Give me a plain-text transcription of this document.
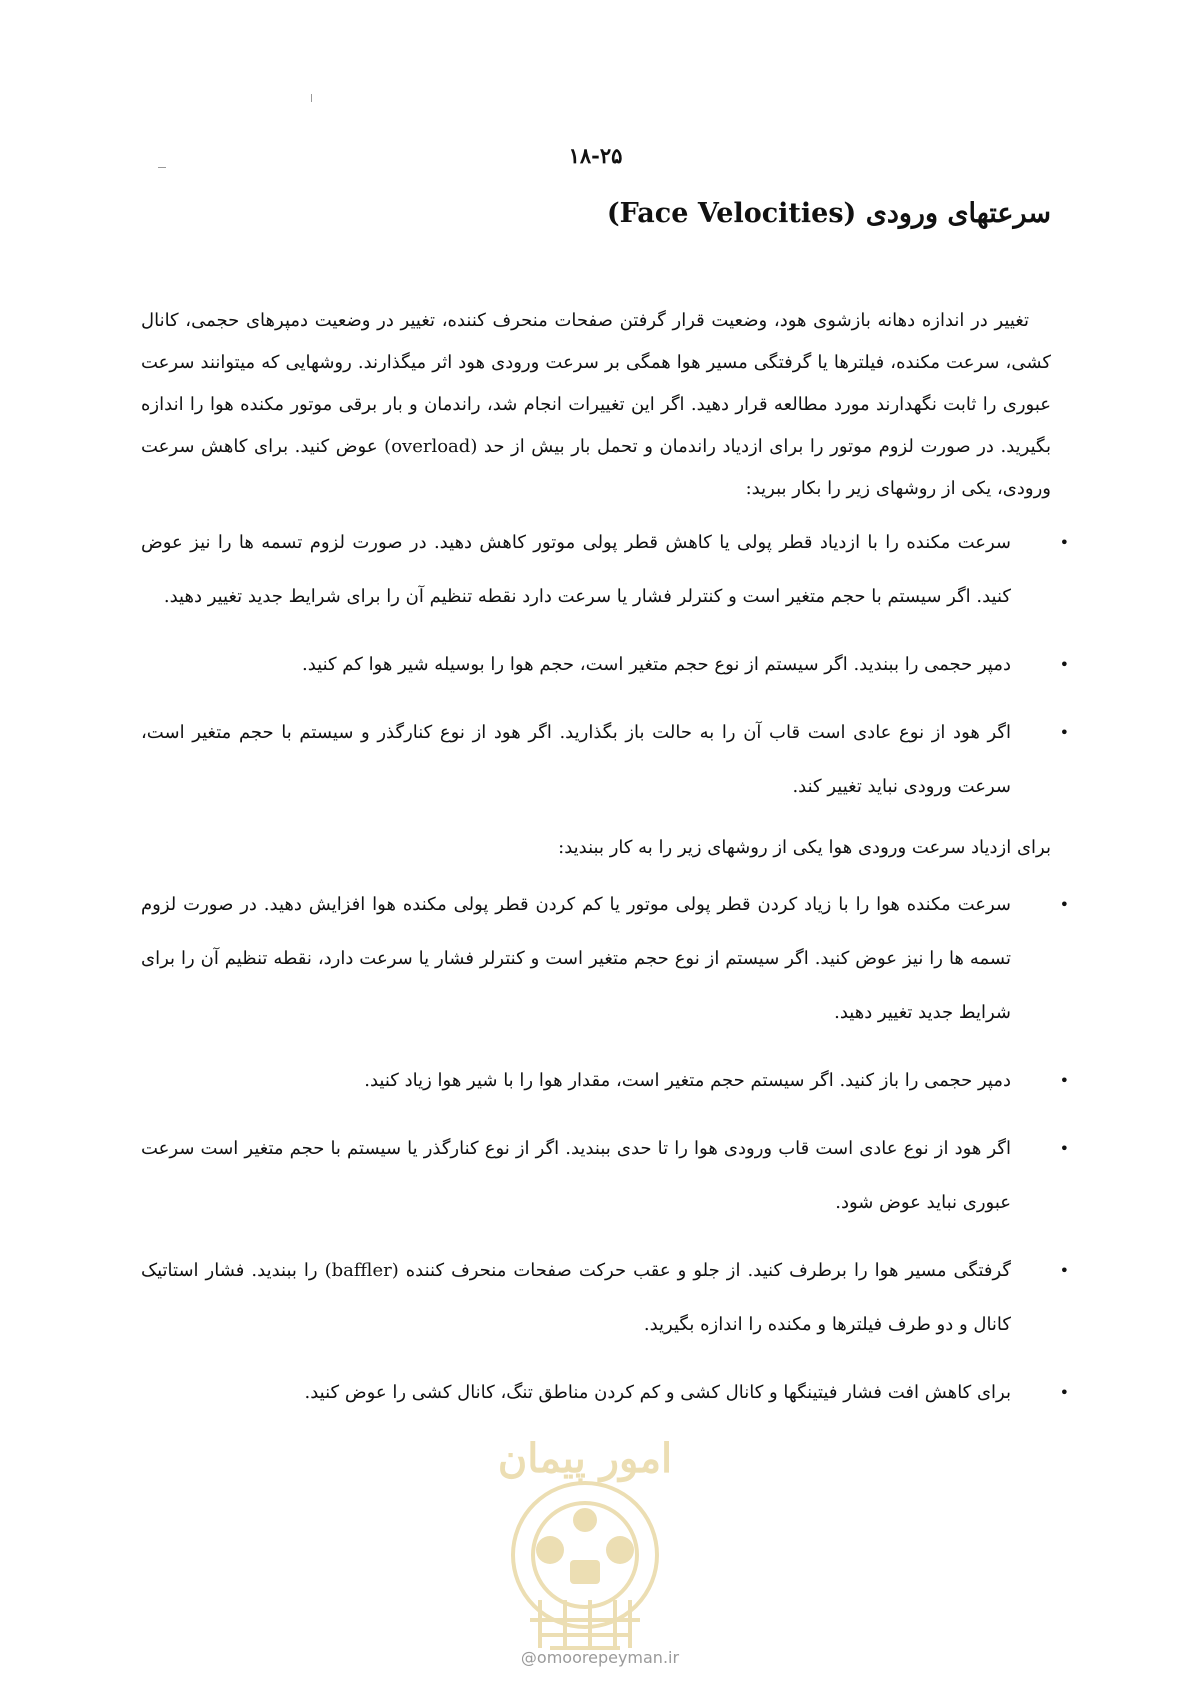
۱۸-۲۵
سرعتهای ورودی (Face Velocities)

تغییر در اندازه دهانه بازشوی هود، وضعیت قرار گرفتن صفحات منحرف کننده، تغییر در وضعیت دمپرهای حجمی، کانال کشی، سرعت مکنده، فیلترها یا گرفتگی مسیر هوا همگی بر سرعت ورودی هود اثر میگذارند. روشهایی که میتوانند سرعت عبوری را ثابت نگهدارند مورد مطالعه قرار دهید. اگر این تغییرات انجام شد، راندمان و بار برقی موتور مکنده هوا را اندازه بگیرید. در صورت لزوم موتور را برای ازدیاد راندمان و تحمل بار بیش از حد (overload) عوض کنید. برای کاهش سرعت ورودی، یکی از روشهای زیر را بکار ببرید:

• سرعت مکنده را با ازدیاد قطر پولی یا کاهش قطر پولی موتور کاهش دهید. در صورت لزوم تسمه ها را نیز عوض کنید. اگر سیستم با حجم متغیر است و کنترلر فشار یا سرعت دارد نقطه تنظیم آن را برای شرایط جدید تغییر دهید.
• دمپر حجمی را ببندید. اگر سیستم از نوع حجم متغیر است، حجم هوا را بوسیله شیر هوا کم کنید.
• اگر هود از نوع عادی است قاب آن را به حالت باز بگذارید. اگر هود از نوع کنارگذر و سیستم با حجم متغیر است، سرعت ورودی نباید تغییر کند.

برای ازدیاد سرعت ورودی هوا یکی از روشهای زیر را به کار ببندید:

• سرعت مکنده هوا را با زیاد کردن قطر پولی موتور یا کم کردن قطر پولی مکنده هوا افزایش دهید. در صورت لزوم تسمه ها را نیز عوض کنید. اگر سیستم از نوع حجم متغیر است و کنترلر فشار یا سرعت دارد، نقطه تنظیم آن را برای شرایط جدید تغییر دهید.
• دمپر حجمی را باز کنید. اگر سیستم حجم متغیر است، مقدار هوا را با شیر هوا زیاد کنید.
• اگر هود از نوع عادی است قاب ورودی هوا را تا حدی ببندید. اگر از نوع کنارگذر یا سیستم با حجم متغیر است سرعت عبوری نباید عوض شود.
• گرفتگی مسیر هوا را برطرف کنید. از جلو و عقب حرکت صفحات منحرف کننده (baffler) را ببندید. فشار استاتیک کانال و دو طرف فیلترها و مکنده را اندازه بگیرید.
• برای کاهش افت فشار فیتینگها و کانال کشی و کم کردن مناطق تنگ، کانال کشی را عوض کنید.
امور پیمان
@omoorepeyman.ir
